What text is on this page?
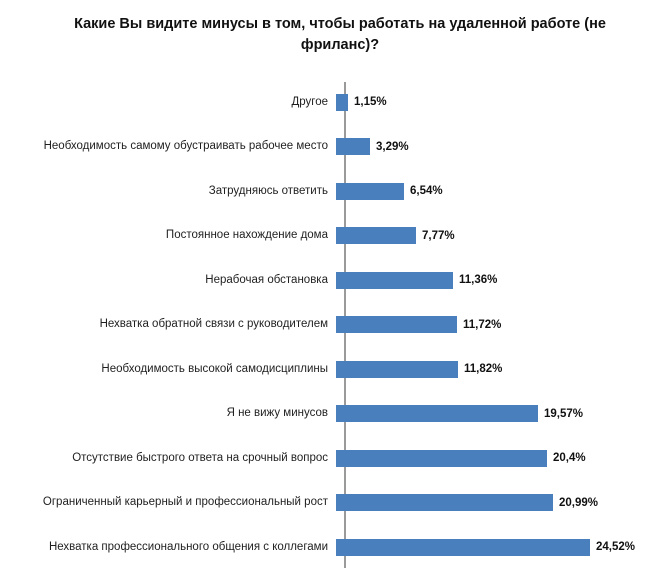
Какие Вы видите минусы в том, чтобы работать на удаленной работе (не фриланс)?
Другое	1,15%
Необходимость самому обустраивать рабочее место	3,29%
Затрудняюсь ответить	6,54%
Постоянное нахождение дома	7,77%
Нерабочая обстановка	11,36%
Нехватка обратной связи с руководителем	11,72%
Необходимость высокой самодисциплины	11,82%
Я не вижу минусов	19,57%
Отсутствие быстрого ответа на срочный вопрос	20,4%
Ограниченный карьерный и профессиональный рост	20,99%
Нехватка профессионального общения с коллегами	24,52%
